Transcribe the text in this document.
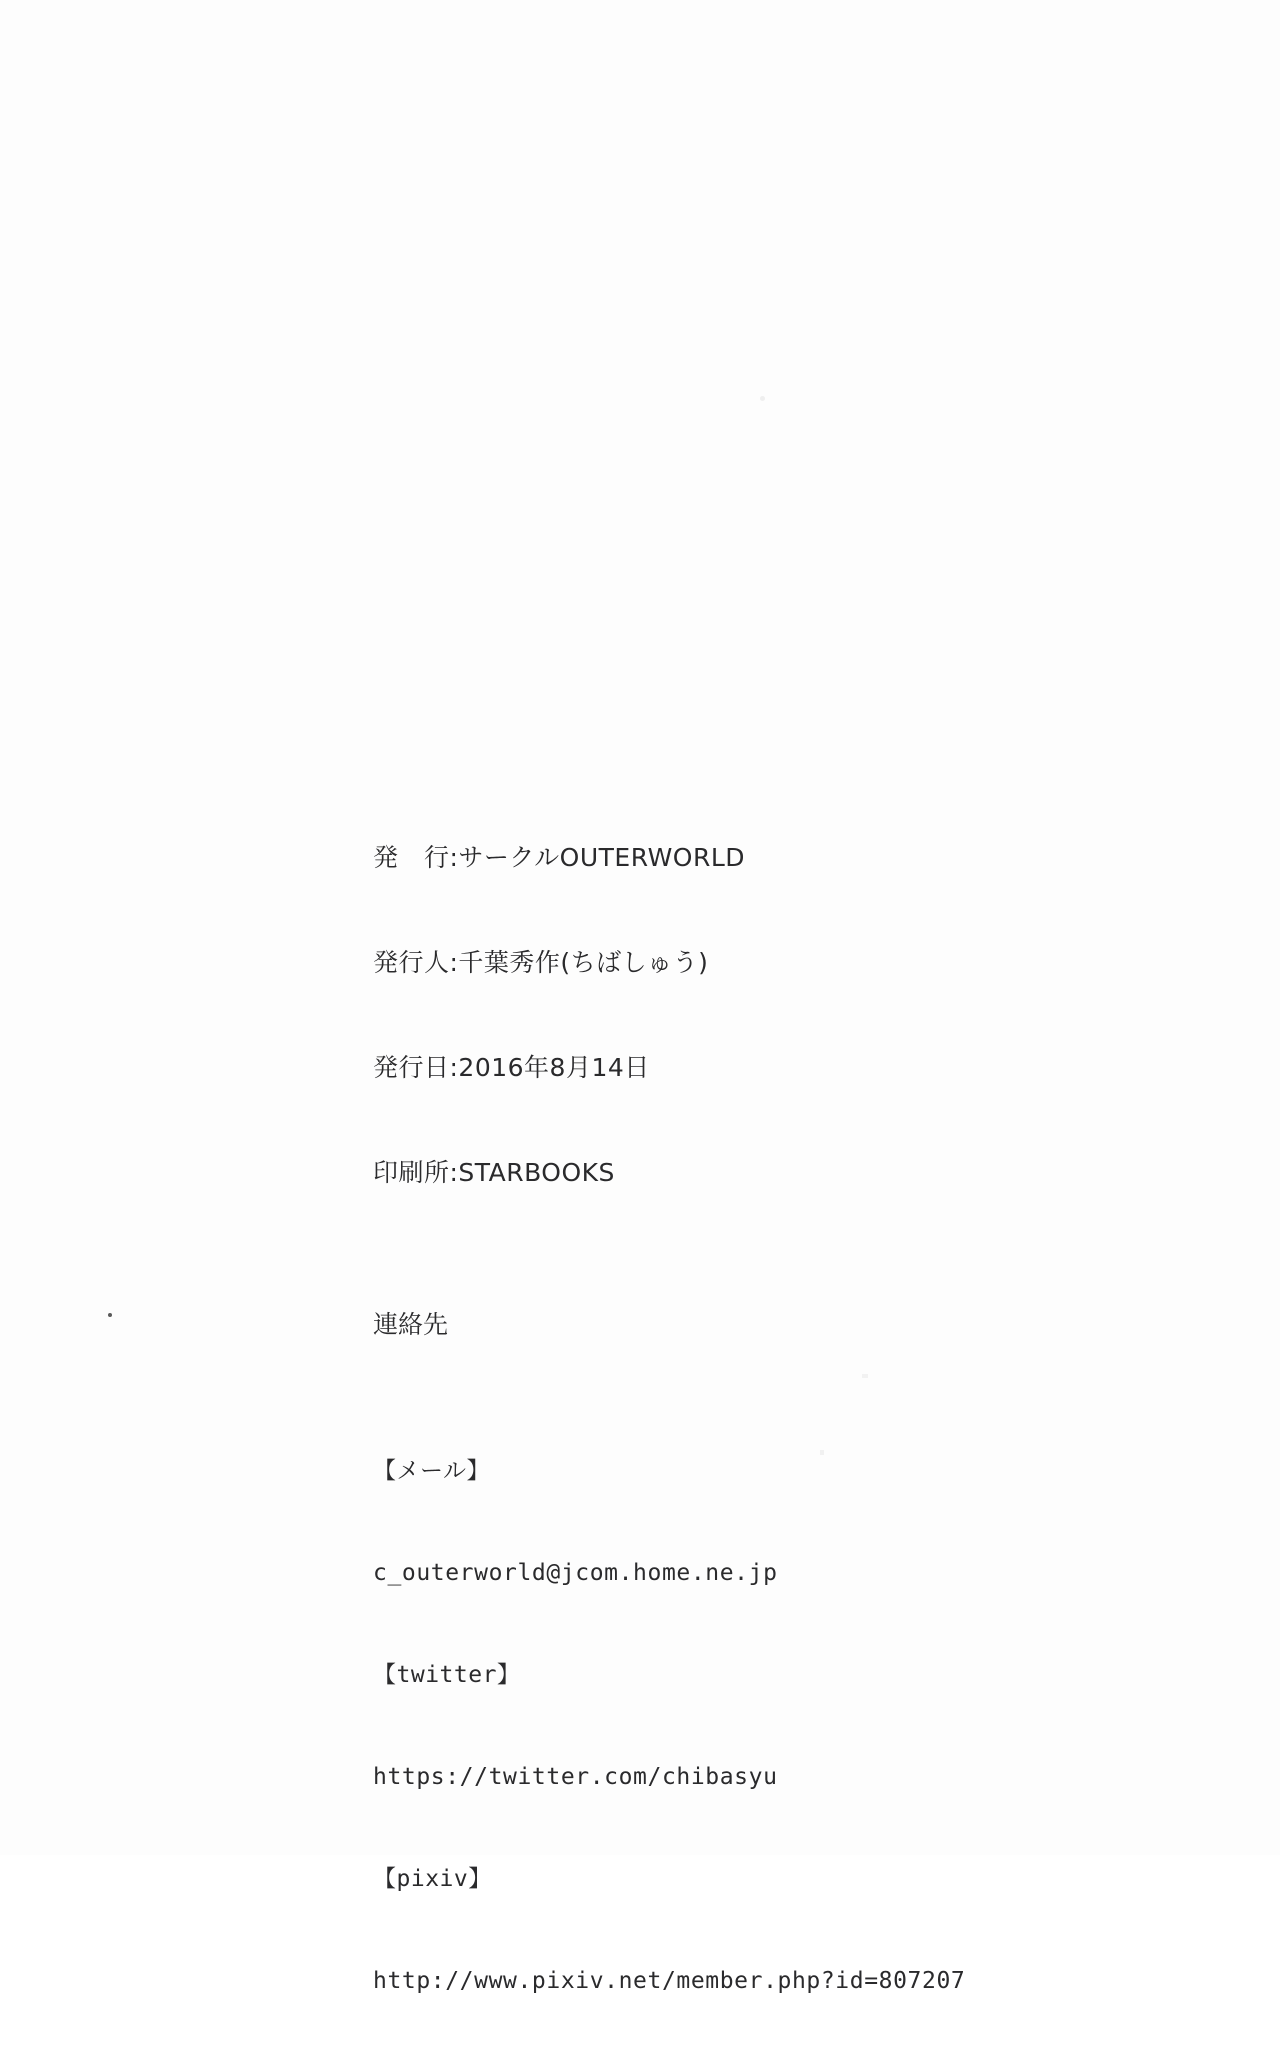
発　行:サークルOUTERWORLD

発行人:千葉秀作(ちばしゅう)

発行日:2016年8月14日

印刷所:STARBOOKS

連絡先

【メール】

c_outerworld@jcom.home.ne.jp

【twitter】

https://twitter.com/chibasyu

【pixiv】

http://www.pixiv.net/member.php?id=807207
